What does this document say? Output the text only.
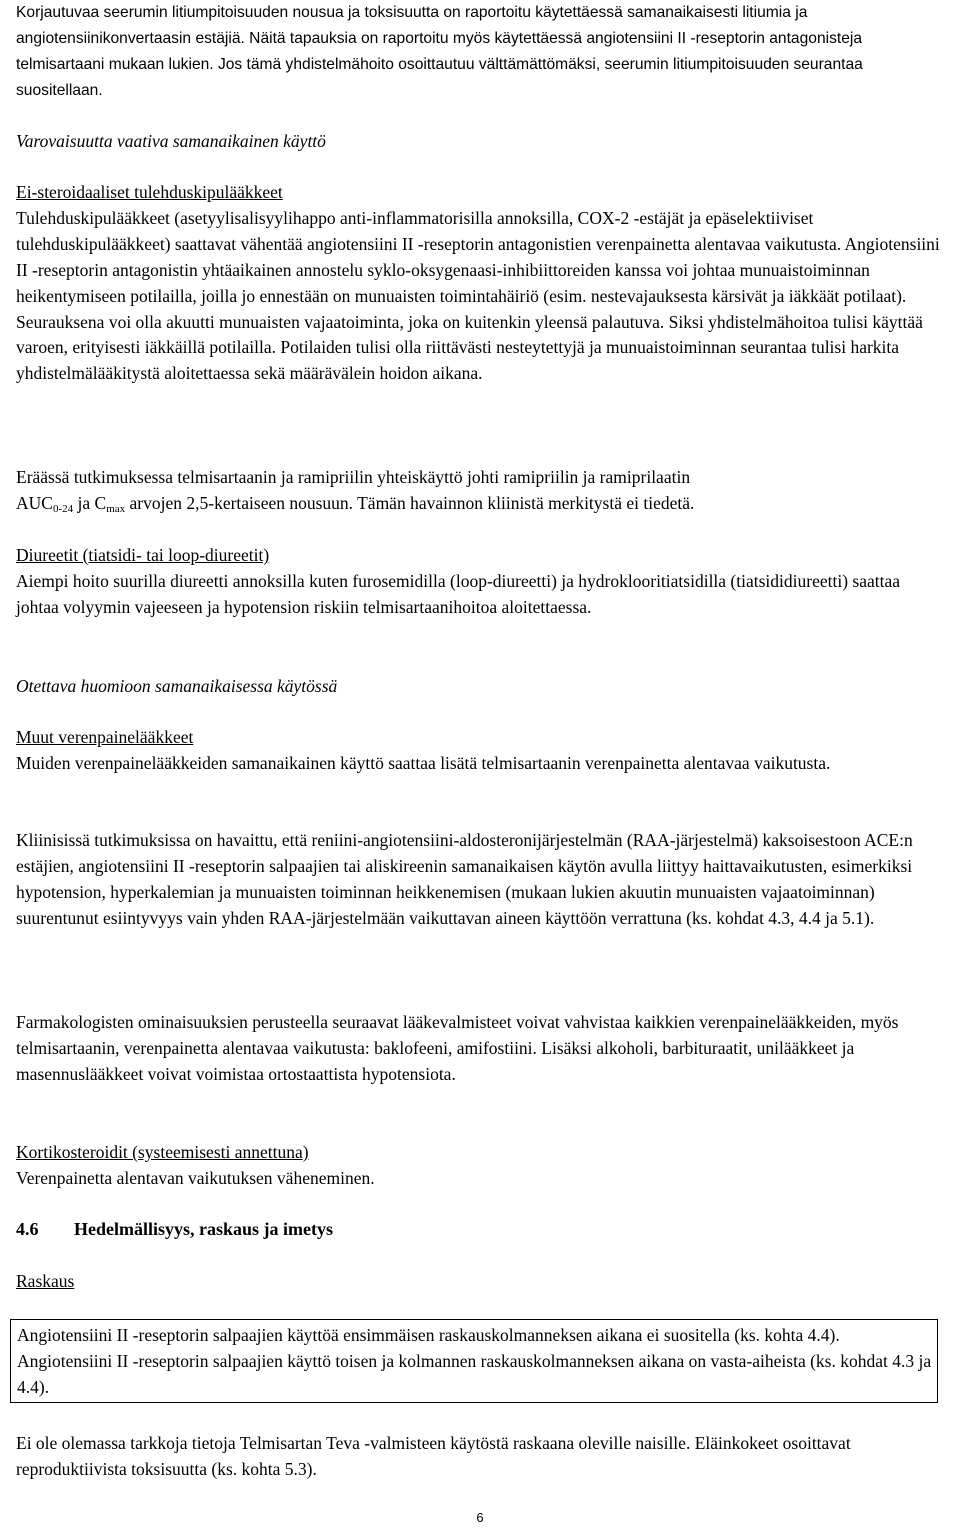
Korjautuvaa seerumin litiumpitoisuuden nousua ja toksisuutta on raportoitu käytettäessä samanaikaisesti litiumia ja angiotensiinikonvertaasin estäjiä. Näitä tapauksia on raportoitu myös käytettäessä angiotensiini II -reseptorin antagonisteja telmisartaani mukaan lukien. Jos tämä yhdistelmähoito osoittautuu välttämättömäksi, seerumin litiumpitoisuuden seurantaa suositellaan.

Varovaisuutta vaativa samanaikainen käyttö

Ei-steroidaaliset tulehduskipulääkkeet

Tulehduskipulääkkeet (asetyylisalisyylihappo anti-inflammatorisilla annoksilla, COX-2 -estäjät ja epäselektiiviset tulehduskipulääkkeet) saattavat vähentää angiotensiini II -reseptorin antagonistien verenpainetta alentavaa vaikutusta. Angiotensiini II -reseptorin antagonistin yhtäaikainen annostelu syklo-oksygenaasi-inhibiittoreiden kanssa voi johtaa munuaistoiminnan heikentymiseen potilailla, joilla jo ennestään on munuaisten toimintahäiriö (esim. nestevajauksesta kärsivät ja iäkkäät potilaat). Seurauksena voi olla akuutti munuaisten vajaatoiminta, joka on kuitenkin yleensä palautuva. Siksi yhdistelmähoitoa tulisi käyttää varoen, erityisesti iäkkäillä potilailla. Potilaiden tulisi olla riittävästi nesteytettyjä ja munuaistoiminnan seurantaa tulisi harkita yhdistelmälääkitystä aloitettaessa sekä määrävälein hoidon aikana.

Eräässä tutkimuksessa telmisartaanin ja ramipriilin yhteiskäyttö johti ramipriilin ja ramiprilaatin
$AUC_{0-24}$ ja $C_{max}$ arvojen 2,5-kertaiseen nousuun. Tämän havainnon kliinistä merkitystä ei tiedetä.

Diureetit (tiatsidi- tai loop-diureetit)

Aiempi hoito suurilla diureetti annoksilla kuten furosemidilla (loop-diureetti) ja hydroklooritiatsidilla (tiatsididiureetti) saattaa johtaa volyymin vajeeseen ja hypotension riskiin telmisartaanihoitoa aloitettaessa.

Otettava huomioon samanaikaisessa käytössä

Muut verenpainelääkkeet

Muiden verenpainelääkkeiden samanaikainen käyttö saattaa lisätä telmisartaanin verenpainetta alentavaa vaikutusta.

Kliinisissä tutkimuksissa on havaittu, että reniini-angiotensiini-aldosteronijärjestelmän (RAA-järjestelmä) kaksoisestoon ACE:n estäjien, angiotensiini II -reseptorin salpaajien tai aliskireenin samanaikaisen käytön avulla liittyy haittavaikutusten, esimerkiksi hypotension, hyperkalemian ja munuaisten toiminnan heikkenemisen (mukaan lukien akuutin munuaisten vajaatoiminnan) suurentunut esiintyvyys vain yhden RAA-järjestelmään vaikuttavan aineen käyttöön verrattuna (ks. kohdat 4.3, 4.4 ja 5.1).

Farmakologisten ominaisuuksien perusteella seuraavat lääkevalmisteet voivat vahvistaa kaikkien verenpainelääkkeiden, myös telmisartaanin, verenpainetta alentavaa vaikutusta: baklofeeni, amifostiini. Lisäksi alkoholi, barbituraatit, unilääkkeet ja masennuslääkkeet voivat voimistaa ortostaattista hypotensiota.

Kortikosteroidit (systeemisesti annettuna)

Verenpainetta alentavan vaikutuksen väheneminen.

4.6 Hedelmällisyys, raskaus ja imetys

Raskaus

Angiotensiini II -reseptorin salpaajien käyttöä ensimmäisen raskauskolmanneksen aikana ei suositella (ks. kohta 4.4). Angiotensiini II -reseptorin salpaajien käyttö toisen ja kolmannen raskauskolmanneksen aikana on vasta-aiheista (ks. kohdat 4.3 ja 4.4).

Ei ole olemassa tarkkoja tietoja Telmisartan Teva -valmisteen käytöstä raskaana oleville naisille. Eläinkokeet osoittavat reproduktiivista toksisuutta (ks. kohta 5.3).

6
